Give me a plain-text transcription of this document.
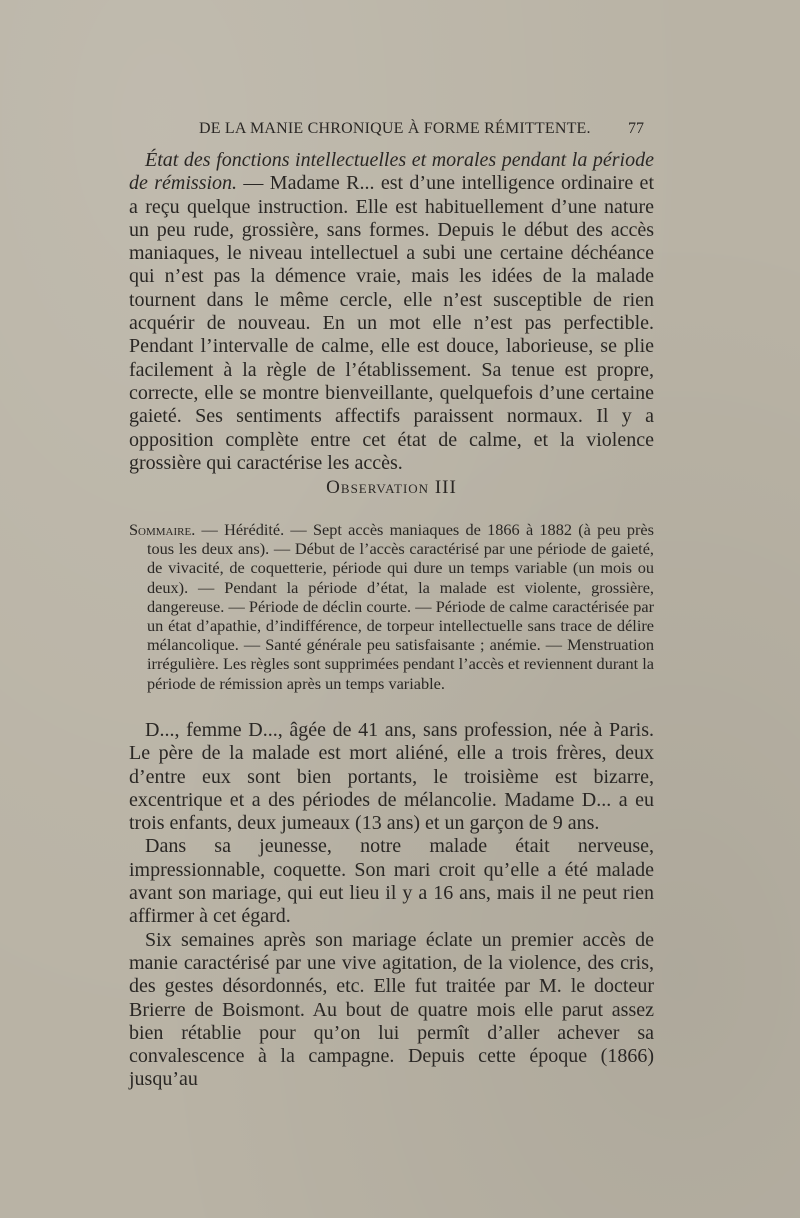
DE LA MANIE CHRONIQUE À FORME RÉMITTENTE.	77

État des fonctions intellectuelles et morales pendant la période de rémission. — Madame R... est d’une intelligence ordinaire et a reçu quelque instruction. Elle est habituellement d’une nature un peu rude, grossière, sans formes. Depuis le début des accès maniaques, le niveau intellectuel a subi une certaine déchéance qui n’est pas la démence vraie, mais les idées de la malade tournent dans le même cercle, elle n’est susceptible de rien acquérir de nouveau. En un mot elle n’est pas perfectible. Pendant l’intervalle de calme, elle est douce, laborieuse, se plie facilement à la règle de l’établissement. Sa tenue est propre, correcte, elle se montre bienveillante, quelquefois d’une certaine gaieté. Ses sentiments affectifs paraissent normaux. Il y a opposition complète entre cet état de calme, et la violence grossière qui caractérise les accès.

Observation III
Sommaire. — Hérédité. — Sept accès maniaques de 1866 à 1882 (à peu près tous les deux ans). — Début de l’accès caractérisé par une période de gaieté, de vivacité, de coquetterie, période qui dure un temps variable (un mois ou deux). — Pendant la période d’état, la malade est violente, grossière, dangereuse. — Période de déclin courte. — Période de calme caractérisée par un état d’apathie, d’indifférence, de torpeur intellectuelle sans trace de délire mélancolique. — Santé générale peu satisfaisante ; anémie. — Menstruation irrégulière. Les règles sont supprimées pendant l’accès et reviennent durant la période de rémission après un temps variable.

D..., femme D..., âgée de 41 ans, sans profession, née à Paris. Le père de la malade est mort aliéné, elle a trois frères, deux d’entre eux sont bien portants, le troisième est bizarre, excentrique et a des périodes de mélancolie. Madame D... a eu trois enfants, deux jumeaux (13 ans) et un garçon de 9 ans.

Dans sa jeunesse, notre malade était nerveuse, impressionnable, coquette. Son mari croit qu’elle a été malade avant son mariage, qui eut lieu il y a 16 ans, mais il ne peut rien affirmer à cet égard.

Six semaines après son mariage éclate un premier accès de manie caractérisé par une vive agitation, de la violence, des cris, des gestes désordonnés, etc. Elle fut traitée par M. le docteur Brierre de Boismont. Au bout de quatre mois elle parut assez bien rétablie pour qu’on lui permît d’aller achever sa convalescence à la campagne. Depuis cette époque (1866) jusqu’au
